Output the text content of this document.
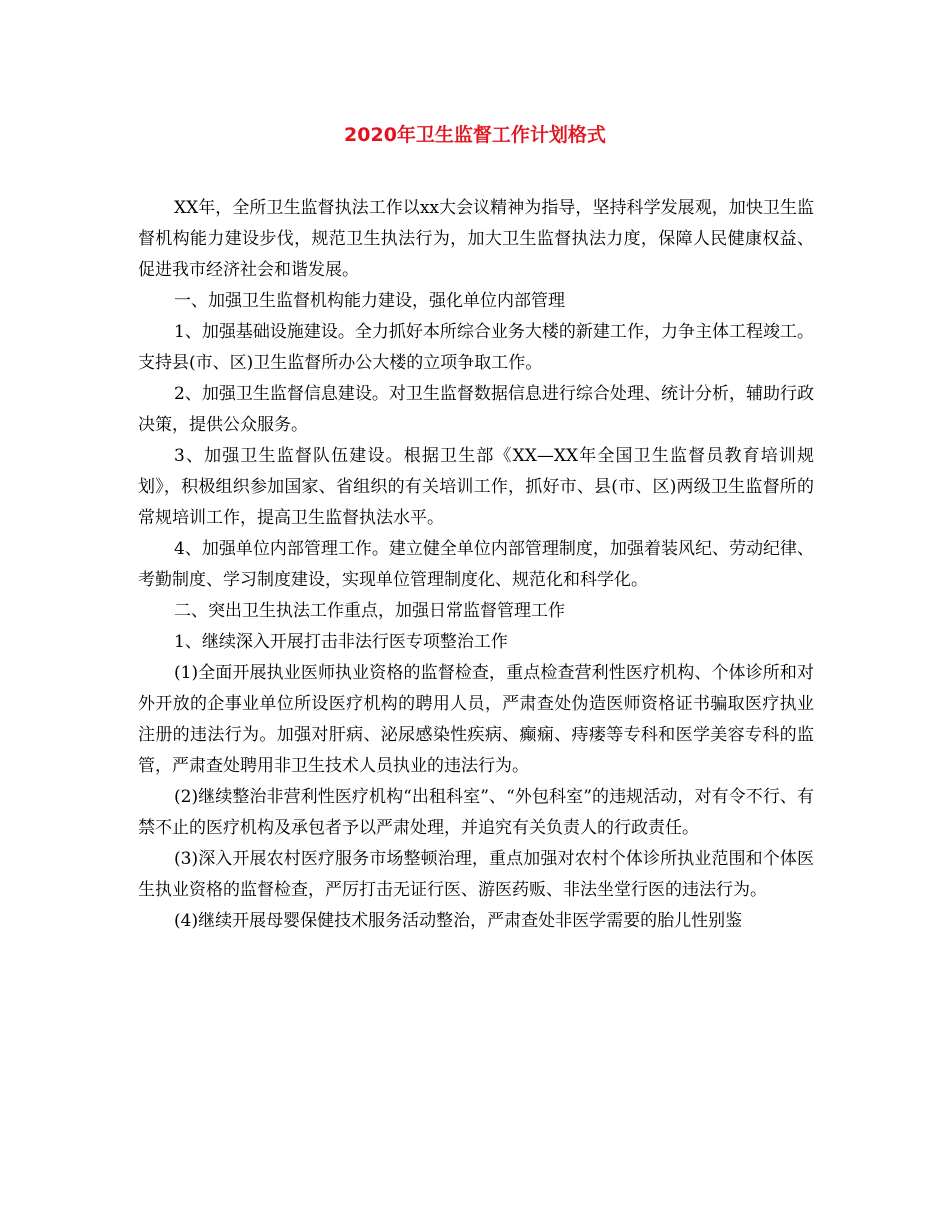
2020年卫生监督工作计划格式

XX年，全所卫生监督执法工作以xx大会议精神为指导，坚持科学发展观，加快卫生监督机构能力建设步伐，规范卫生执法行为，加大卫生监督执法力度，保障人民健康权益、促进我市经济社会和谐发展。

一、加强卫生监督机构能力建设，强化单位内部管理

1、加强基础设施建设。全力抓好本所综合业务大楼的新建工作，力争主体工程竣工。支持县(市、区)卫生监督所办公大楼的立项争取工作。

2、加强卫生监督信息建设。对卫生监督数据信息进行综合处理、统计分析，辅助行政决策，提供公众服务。

3、加强卫生监督队伍建设。根据卫生部《XX—XX年全国卫生监督员教育培训规划》，积极组织参加国家、省组织的有关培训工作，抓好市、县(市、区)两级卫生监督所的常规培训工作，提高卫生监督执法水平。

4、加强单位内部管理工作。建立健全单位内部管理制度，加强着装风纪、劳动纪律、考勤制度、学习制度建设，实现单位管理制度化、规范化和科学化。

二、突出卫生执法工作重点，加强日常监督管理工作

1、继续深入开展打击非法行医专项整治工作

(1)全面开展执业医师执业资格的监督检查，重点检查营利性医疗机构、个体诊所和对外开放的企事业单位所设医疗机构的聘用人员，严肃查处伪造医师资格证书骗取医疗执业注册的违法行为。加强对肝病、泌尿感染性疾病、癫痫、痔瘘等专科和医学美容专科的监管，严肃查处聘用非卫生技术人员执业的违法行为。

(2)继续整治非营利性医疗机构“出租科室”、“外包科室”的违规活动，对有令不行、有禁不止的医疗机构及承包者予以严肃处理，并追究有关负责人的行政责任。

(3)深入开展农村医疗服务市场整顿治理，重点加强对农村个体诊所执业范围和个体医生执业资格的监督检查，严厉打击无证行医、游医药贩、非法坐堂行医的违法行为。

(4)继续开展母婴保健技术服务活动整治，严肃查处非医学需要的胎儿性别鉴
